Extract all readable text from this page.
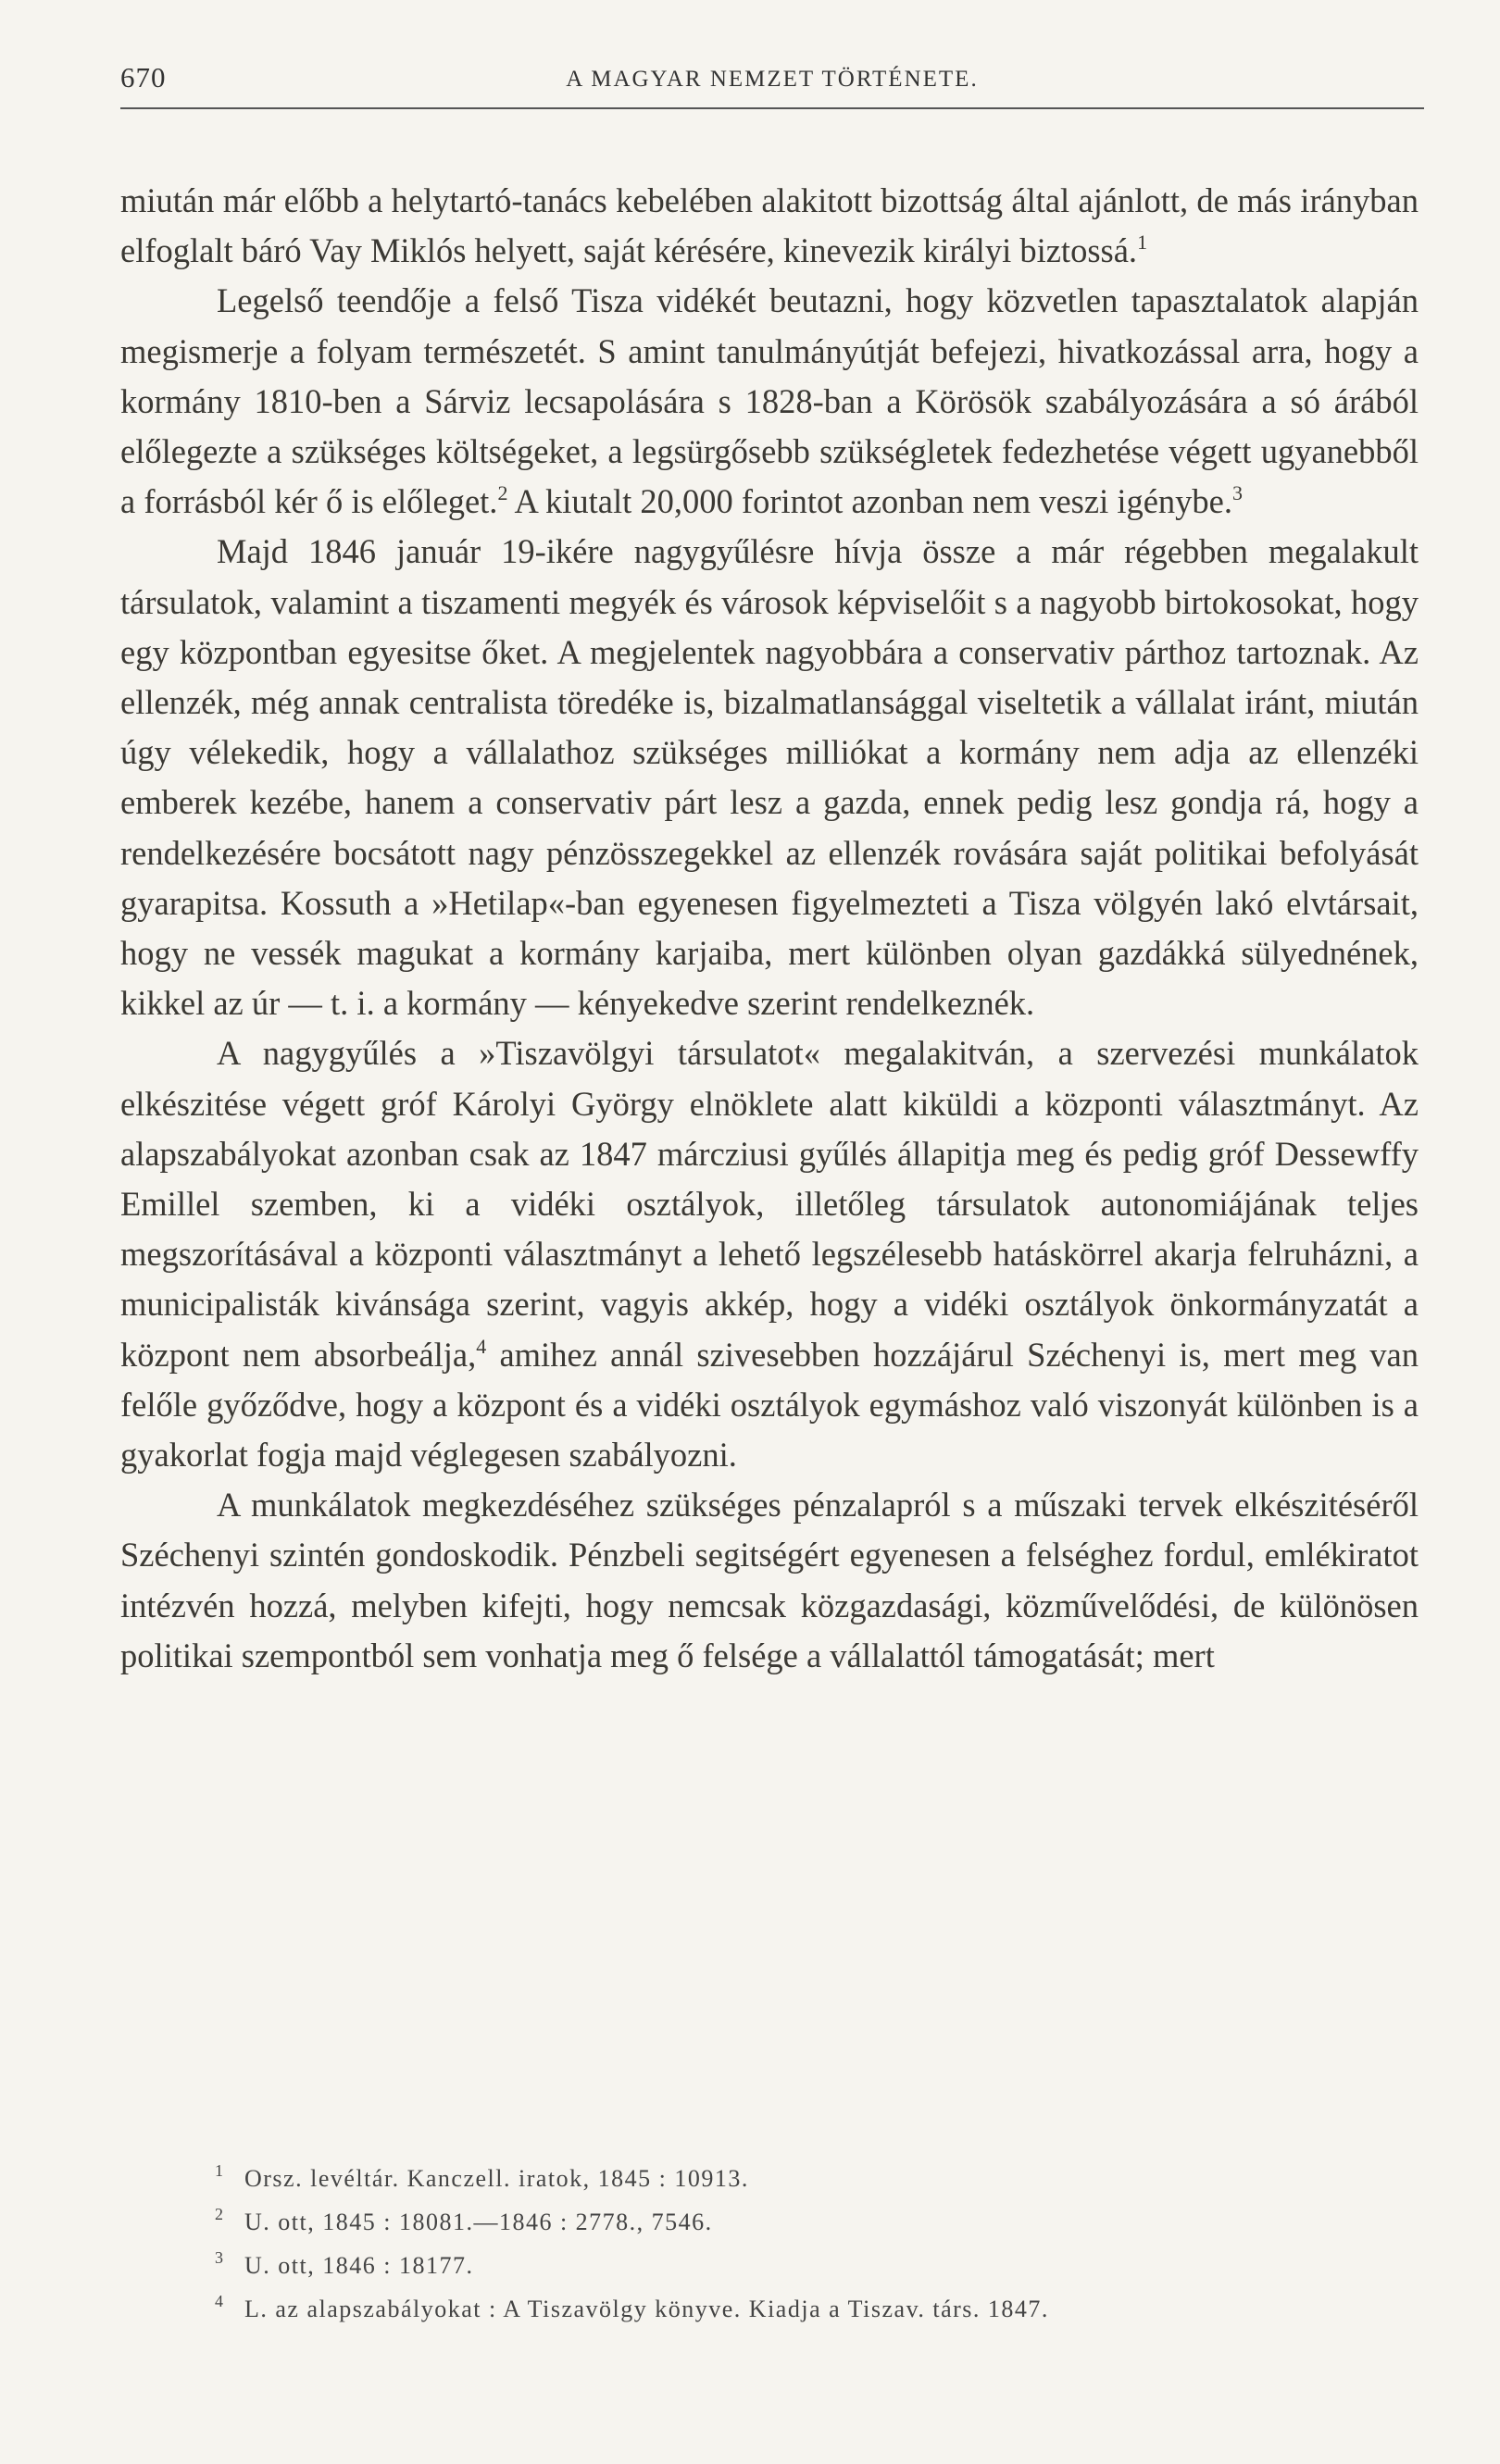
670	A MAGYAR NEMZET TÖRTÉNETE.

miután már előbb a helytartó-tanács kebelében alakitott bizottság által ajánlott, de más irányban elfoglalt báró Vay Miklós helyett, saját kérésére, kinevezik királyi biztossá.$^1$

Legelső teendője a felső Tisza vidékét beutazni, hogy közvetlen tapasztalatok alapján megismerje a folyam természetét. S amint tanulmányútját befejezi, hivatkozással arra, hogy a kormány 1810-ben a Sárviz lecsapolására s 1828-ban a Körösök szabályozására a só árából előlegezte a szükséges költségeket, a legsürgősebb szükségletek fedezhetése végett ugyanebből a forrásból kér ő is előleget.$^2$ A kiutalt 20,000 forintot azonban nem veszi igénybe.$^3$

Majd 1846 január 19-ikére nagygyűlésre hívja össze a már régebben megalakult társulatok, valamint a tiszamenti megyék és városok képviselőit s a nagyobb birtokosokat, hogy egy központban egyesitse őket. A megjelentek nagyobbára a conservativ párthoz tartoznak. Az ellenzék, még annak centralista töredéke is, bizalmatlansággal viseltetik a vállalat iránt, miután úgy vélekedik, hogy a vállalathoz szükséges milliókat a kormány nem adja az ellenzéki emberek kezébe, hanem a conservativ párt lesz a gazda, ennek pedig lesz gondja rá, hogy a rendelkezésére bocsátott nagy pénzösszegekkel az ellenzék rovására saját politikai befolyását gyarapitsa. Kossuth a »Hetilap«-ban egyenesen figyelmezteti a Tisza völgyén lakó elvtársait, hogy ne vessék magukat a kormány karjaiba, mert különben olyan gazdákká sülyednének, kikkel az úr — t. i. a kormány — kényekedve szerint rendelkeznék.

A nagygyűlés a »Tiszavölgyi társulatot« megalakitván, a szervezési munkálatok elkészitése végett gróf Károlyi György elnöklete alatt kiküldi a központi választmányt. Az alapszabályokat azonban csak az 1847 márcziusi gyűlés állapitja meg és pedig gróf Dessewffy Emillel szemben, ki a vidéki osztályok, illetőleg társulatok autonomiájának teljes megszorításával a központi választmányt a lehető legszélesebb hatáskörrel akarja felruházni, a municipalisták kivánsága szerint, vagyis akkép, hogy a vidéki osztályok önkormányzatát a központ nem absorbeálja,$^4$ amihez annál szivesebben hozzájárul Széchenyi is, mert meg van felőle győződve, hogy a központ és a vidéki osztályok egymáshoz való viszonyát különben is a gyakorlat fogja majd véglegesen szabályozni.

A munkálatok megkezdéséhez szükséges pénzalapról s a műszaki tervek elkészitéséről Széchenyi szintén gondoskodik. Pénzbeli segitségért egyenesen a felséghez fordul, emlékiratot intézvén hozzá, melyben kifejti, hogy nemcsak közgazdasági, közművelődési, de különösen politikai szempontból sem vonhatja meg ő felsége a vállalattól támogatását; mert

1 Orsz. levéltár. Kanczell. iratok, 1845 : 10913.
2 U. ott, 1845 : 18081.—1846 : 2778., 7546.
3 U. ott, 1846 : 18177.
4 L. az alapszabályokat : A Tiszavölgy könyve. Kiadja a Tiszav. társ. 1847.
